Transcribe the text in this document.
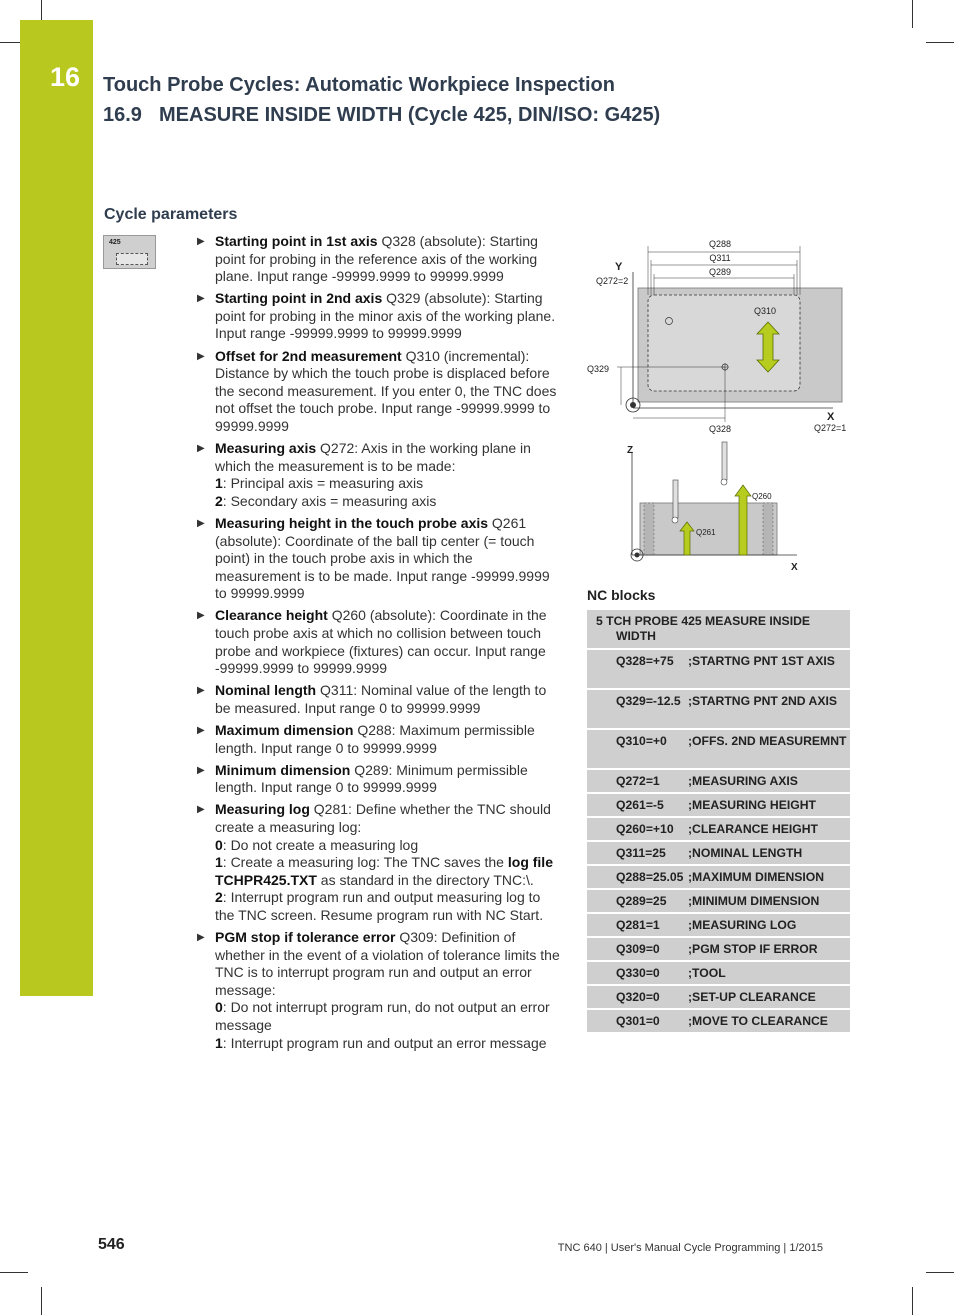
16	Touch Probe Cycles: Automatic Workpiece Inspection
16.9 MEASURE INSIDE WIDTH (Cycle 425, DIN/ISO: G425)
Cycle parameters
425	▶ Starting point in 1st axis Q328 (absolute): Starting point for probing in the reference axis of the working plane. Input range -99999.9999 to 99999.9999
▶ Starting point in 2nd axis Q329 (absolute): Starting point for probing in the minor axis of the working plane. Input range -99999.9999 to 99999.9999
▶ Offset for 2nd measurement Q310 (incremental): Distance by which the touch probe is displaced before the second measurement. If you enter 0, the TNC does not offset the touch probe. Input range -99999.9999 to 99999.9999
▶ Measuring axis Q272: Axis in the working plane in which the measurement is to be made:
1: Principal axis = measuring axis
2: Secondary axis = measuring axis
▶ Measuring height in the touch probe axis Q261 (absolute): Coordinate of the ball tip center (= touch point) in the touch probe axis in which the measurement is to be made. Input range -99999.9999 to 99999.9999
▶ Clearance height Q260 (absolute): Coordinate in the touch probe axis at which no collision between touch probe and workpiece (fixtures) can occur. Input range -99999.9999 to 99999.9999
▶ Nominal length Q311: Nominal value of the length to be measured. Input range 0 to 99999.9999
▶ Maximum dimension Q288: Maximum permissible length. Input range 0 to 99999.9999
▶ Minimum dimension Q289: Minimum permissible length. Input range 0 to 99999.9999
▶ Measuring log Q281: Define whether the TNC should create a measuring log:
0: Do not create a measuring log
1: Create a measuring log: The TNC saves the log file TCHPR425.TXT as standard in the directory TNC:\.
2: Interrupt program run and output measuring log to the TNC screen. Resume program run with NC Start.
▶ PGM stop if tolerance error Q309: Definition of whether in the event of a violation of tolerance limits the TNC is to interrupt program run and output an error message:
0: Do not interrupt program run, do not output an error message
1: Interrupt program run and output an error message
Q288
Q311
Q289
Y
X
Q272=2
Q310
Q329
Q328	Q272=1
Z
X
Q261
Q260
NC blocks
5 TCH PROBE 425 MEASURE INSIDE
WIDTH
Q328=+75	;STARTNG PNT 1ST AXIS
Q329=-12.5 ;STARTNG PNT 2ND AXIS
Q310=+0	;OFFS. 2ND MEASUREMNT
Q272=1	;MEASURING AXIS
Q261=-5	;MEASURING HEIGHT
Q260=+10	;CLEARANCE HEIGHT
Q311=25	;NOMINAL LENGTH
Q288=25.05 ;MAXIMUM DIMENSION
Q289=25	;MINIMUM DIMENSION
Q281=1	;MEASURING LOG
Q309=0	;PGM STOP IF ERROR
Q330=0	;TOOL
Q320=0	;SET-UP CLEARANCE
Q301=0	;MOVE TO CLEARANCE
546	TNC 640 | User's Manual Cycle Programming | 1/2015
